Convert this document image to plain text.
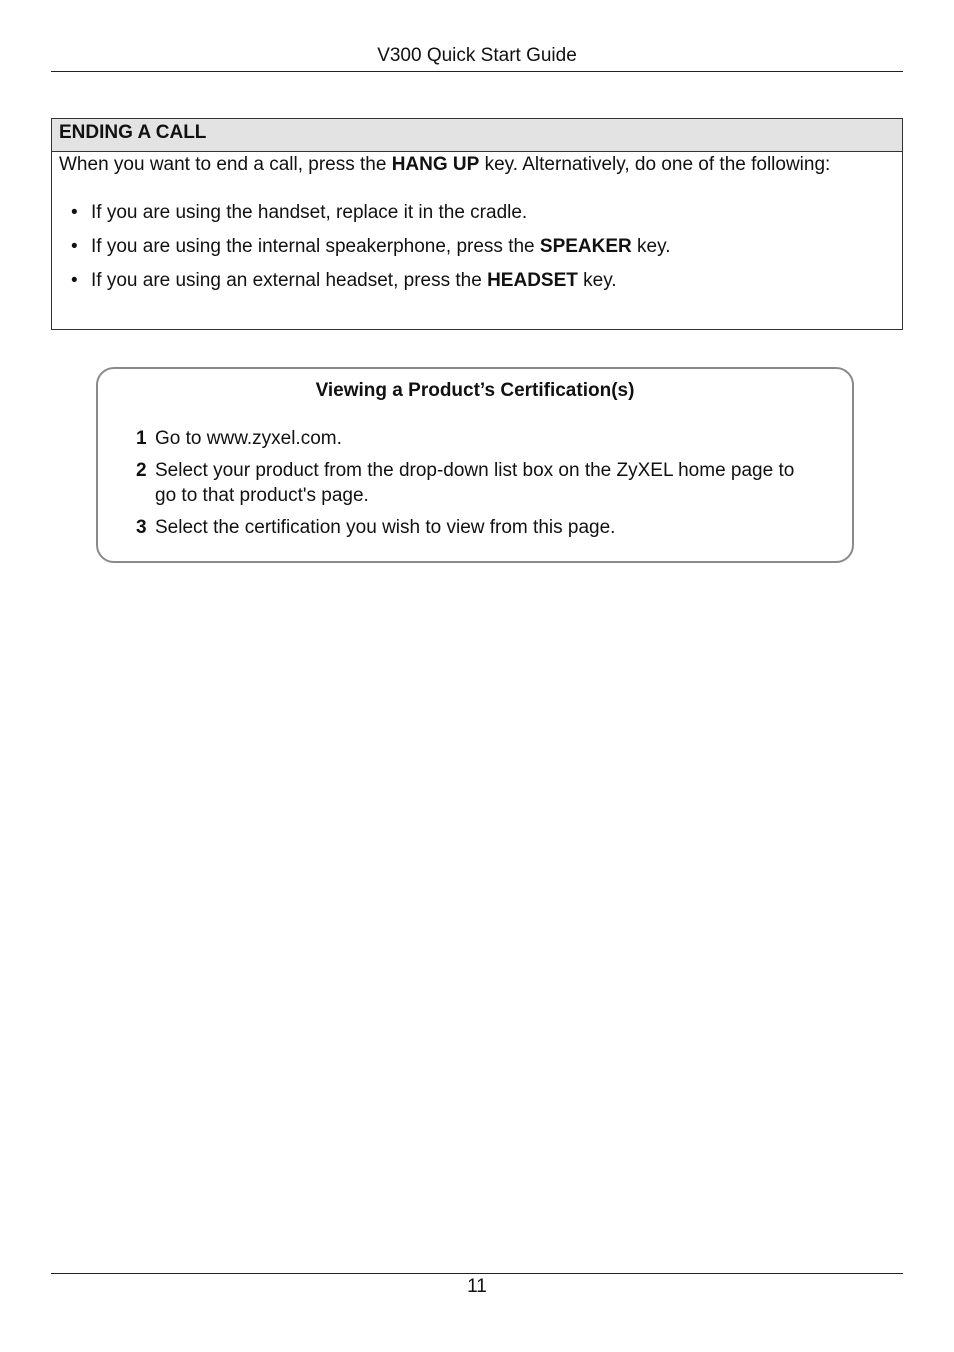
V300 Quick Start Guide
ENDING A CALL
When you want to end a call, press the HANG UP key. Alternatively, do one of the following:
• If you are using the handset, replace it in the cradle.
• If you are using the internal speakerphone, press the SPEAKER key.
• If you are using an external headset, press the HEADSET key.
Viewing a Product’s Certification(s)
1 Go to www.zyxel.com.
2 Select your product from the drop-down list box on the ZyXEL home page to go to that product's page.
3 Select the certification you wish to view from this page.
11
